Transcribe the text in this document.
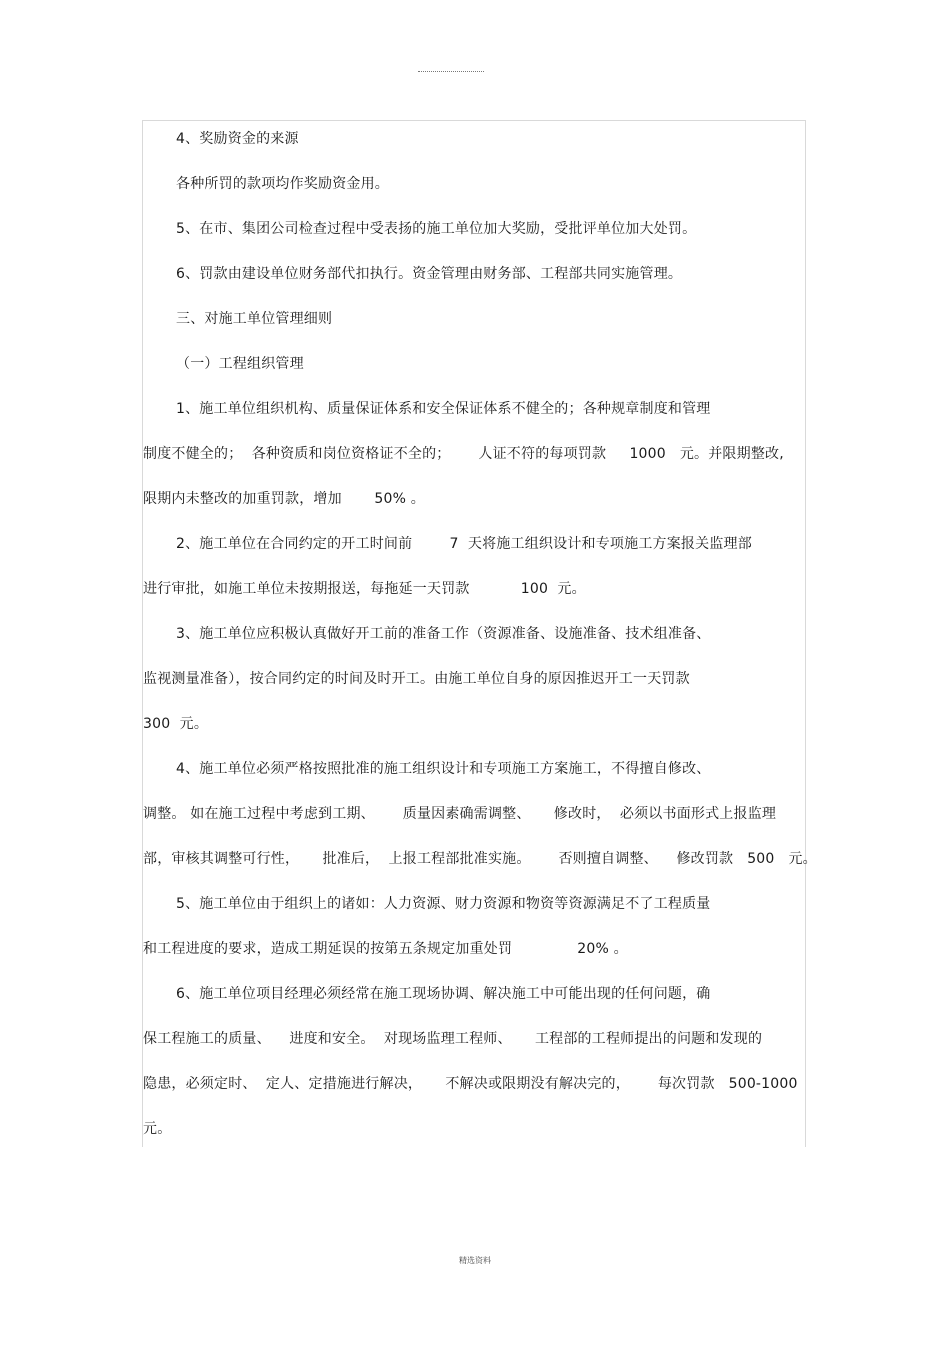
4、奖励资金的来源
各种所罚的款项均作奖励资金用。
5、在市、集团公司检查过程中受表扬的施工单位加大奖励，受批评单位加大处罚。
6、罚款由建设单位财务部代扣执行。资金管理由财务部、工程部共同实施管理。
三、对施工单位管理细则
（一）工程组织管理
1、施工单位组织机构、质量保证体系和安全保证体系不健全的；各种规章制度和管理
制度不健全的；  各种资质和岗位资格证不全的；      人证不符的每项罚款     1000   元。并限期整改,
限期内未整改的加重罚款，增加       50% 。
2、施工单位在合同约定的开工时间前        7  天将施工组织设计和专项施工方案报关监理部
进行审批，如施工单位未按期报送，每拖延一天罚款           100  元。
3、施工单位应积极认真做好开工前的准备工作（资源准备、设施准备、技术组准备、
监视测量准备），按合同约定的时间及时开工。由施工单位自身的原因推迟开工一天罚款
300  元。
4、施工单位必须严格按照批准的施工组织设计和专项施工方案施工，不得擅自修改、
调整。 如在施工过程中考虑到工期、      质量因素确需调整、     修改时，  必须以书面形式上报监理
部，审核其调整可行性，     批准后，  上报工程部批准实施。      否则擅自调整、    修改罚款   500   元。
5、施工单位由于组织上的诸如：人力资源、财力资源和物资等资源满足不了工程质量
和工程进度的要求，造成工期延误的按第五条规定加重处罚              20% 。
6、施工单位项目经理必须经常在施工现场协调、解决施工中可能出现的任何问题，确
保工程施工的质量、    进度和安全。  对现场监理工程师、     工程部的工程师提出的问题和发现的
隐患，必须定时、  定人、定措施进行解决，     不解决或限期没有解决完的，      每次罚款   500-1000
元。
精选资料
